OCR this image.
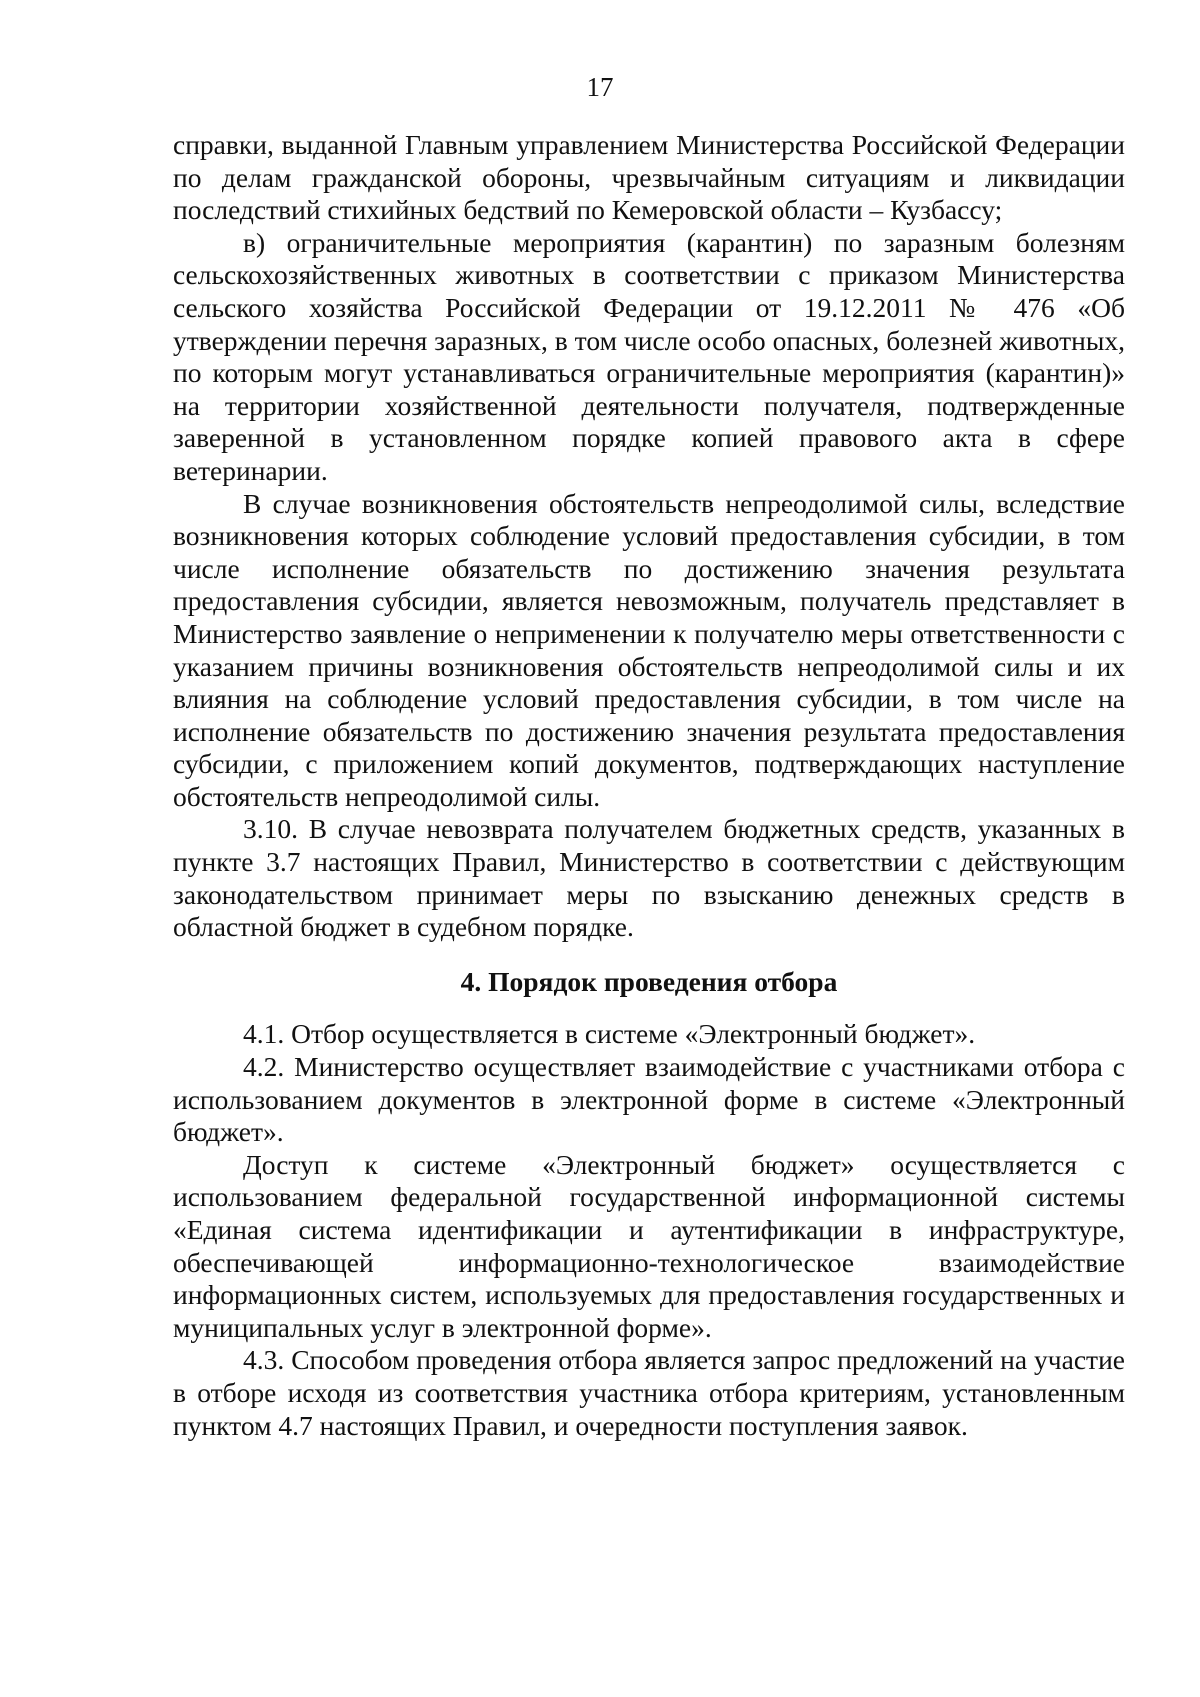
17

справки, выданной Главным управлением Министерства Российской Федерации по делам гражданской обороны, чрезвычайным ситуациям и ликвидации последствий стихийных бедствий по Кемеровской области – Кузбассу;

в) ограничительные мероприятия (карантин) по заразным болезням сельскохозяйственных животных в соответствии с приказом Министерства сельского хозяйства Российской Федерации от 19.12.2011 № 476 «Об утверждении перечня заразных, в том числе особо опасных, болезней животных, по которым могут устанавливаться ограничительные мероприятия (карантин)» на территории хозяйственной деятельности получателя, подтвержденные заверенной в установленном порядке копией правового акта в сфере ветеринарии.

В случае возникновения обстоятельств непреодолимой силы, вследствие возникновения которых соблюдение условий предоставления субсидии, в том числе исполнение обязательств по достижению значения результата предоставления субсидии, является невозможным, получатель представляет в Министерство заявление о неприменении к получателю меры ответственности с указанием причины возникновения обстоятельств непреодолимой силы и их влияния на соблюдение условий предоставления субсидии, в том числе на исполнение обязательств по достижению значения результата предоставления субсидии, с приложением копий документов, подтверждающих наступление обстоятельств непреодолимой силы.

3.10. В случае невозврата получателем бюджетных средств, указанных в пункте 3.7 настоящих Правил, Министерство в соответствии с действующим законодательством принимает меры по взысканию денежных средств в областной бюджет в судебном порядке.

4. Порядок проведения отбора

4.1. Отбор осуществляется в системе «Электронный бюджет».

4.2. Министерство осуществляет взаимодействие с участниками отбора с использованием документов в электронной форме в системе «Электронный бюджет».

Доступ к системе «Электронный бюджет» осуществляется с использованием федеральной государственной информационной системы «Единая система идентификации и аутентификации в инфраструктуре, обеспечивающей информационно-технологическое взаимодействие информационных систем, используемых для предоставления государственных и муниципальных услуг в электронной форме».

4.3. Способом проведения отбора является запрос предложений на участие в отборе исходя из соответствия участника отбора критериям, установленным пунктом 4.7 настоящих Правил, и очередности поступления заявок.
